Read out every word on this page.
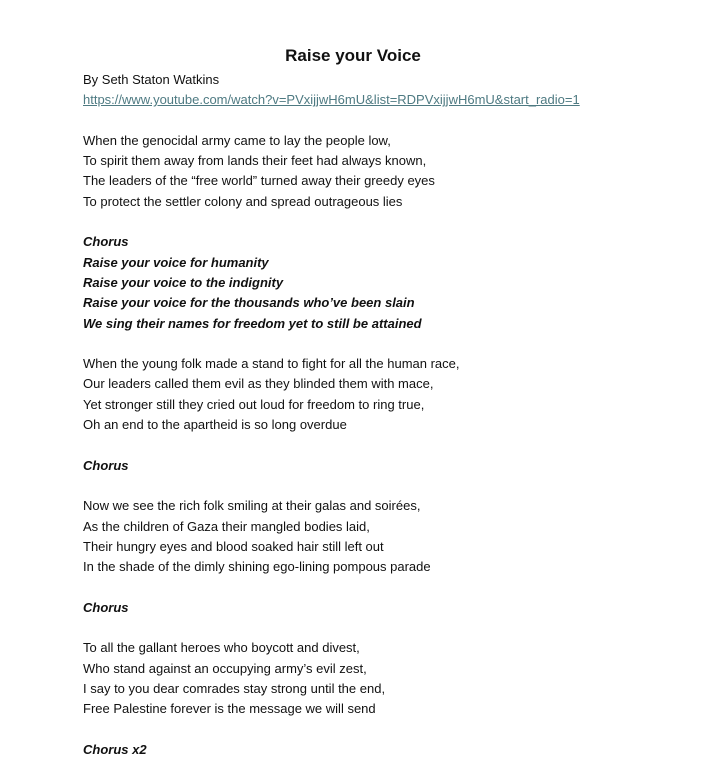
Raise your Voice
By Seth Staton Watkins
https://www.youtube.com/watch?v=PVxijjwH6mU&list=RDPVxijjwH6mU&start_radio=1
When the genocidal army came to lay the people low,
To spirit them away from lands their feet had always known,
The leaders of the “free world” turned away their greedy eyes
To protect the settler colony and spread outrageous lies
Chorus
Raise your voice for humanity
Raise your voice to the indignity
Raise your voice for the thousands who’ve been slain
We sing their names for freedom yet to still be attained
When the young folk made a stand to fight for all the human race,
Our leaders called them evil as they blinded them with mace,
Yet stronger still they cried out loud for freedom to ring true,
Oh an end to the apartheid is so long overdue
Chorus
Now we see the rich folk smiling at their galas and soirées,
As the children of Gaza their mangled bodies laid,
Their hungry eyes and blood soaked hair still left out
In the shade of the dimly shining ego-lining pompous parade
Chorus
To all the gallant heroes who boycott and divest,
Who stand against an occupying army’s evil zest,
I say to you dear comrades stay strong until the end,
Free Palestine forever is the message we will send
Chorus x2
